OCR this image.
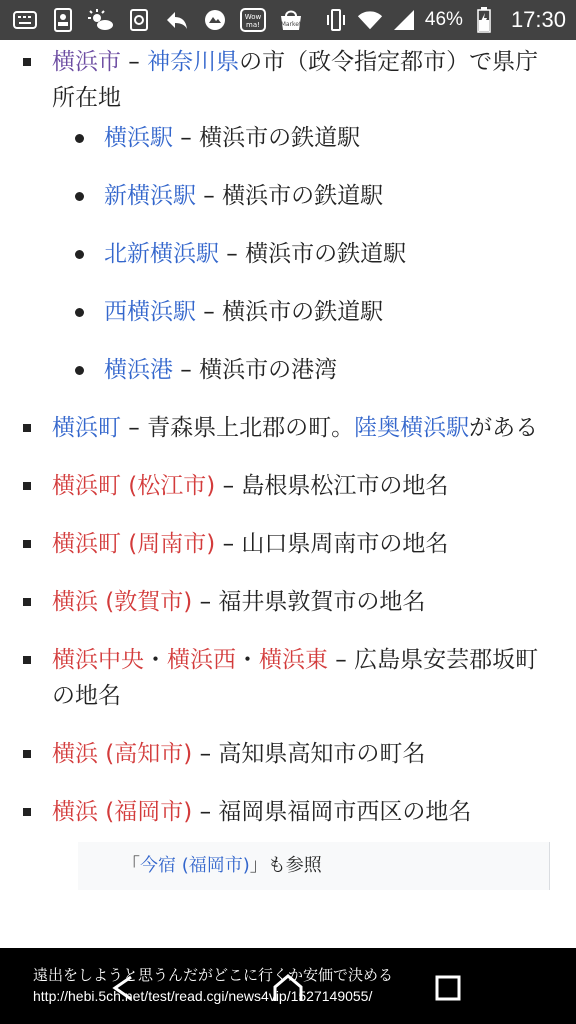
Wow
ma!	Market	46% 17:30
横浜市 – 神奈川県の市（政令指定都市）で県庁所在地
横浜駅 – 横浜市の鉄道駅
新横浜駅 – 横浜市の鉄道駅
北新横浜駅 – 横浜市の鉄道駅
西横浜駅 – 横浜市の鉄道駅
横浜港 – 横浜市の港湾
横浜町 – 青森県上北郡の町。陸奥横浜駅がある
横浜町 (松江市) – 島根県松江市の地名
横浜町 (周南市) – 山口県周南市の地名
横浜 (敦賀市) – 福井県敦賀市の地名
横浜中央・横浜西・横浜東 – 広島県安芸郡坂町の地名
横浜 (高知市) – 高知県高知市の町名
横浜 (福岡市) – 福岡県福岡市西区の地名
「今宿 (福岡市)」も参照
遠出をしようと思うんだがどこに行くか安価で決める
http://hebi.5ch.net/test/read.cgi/news4vip/1527149055/
